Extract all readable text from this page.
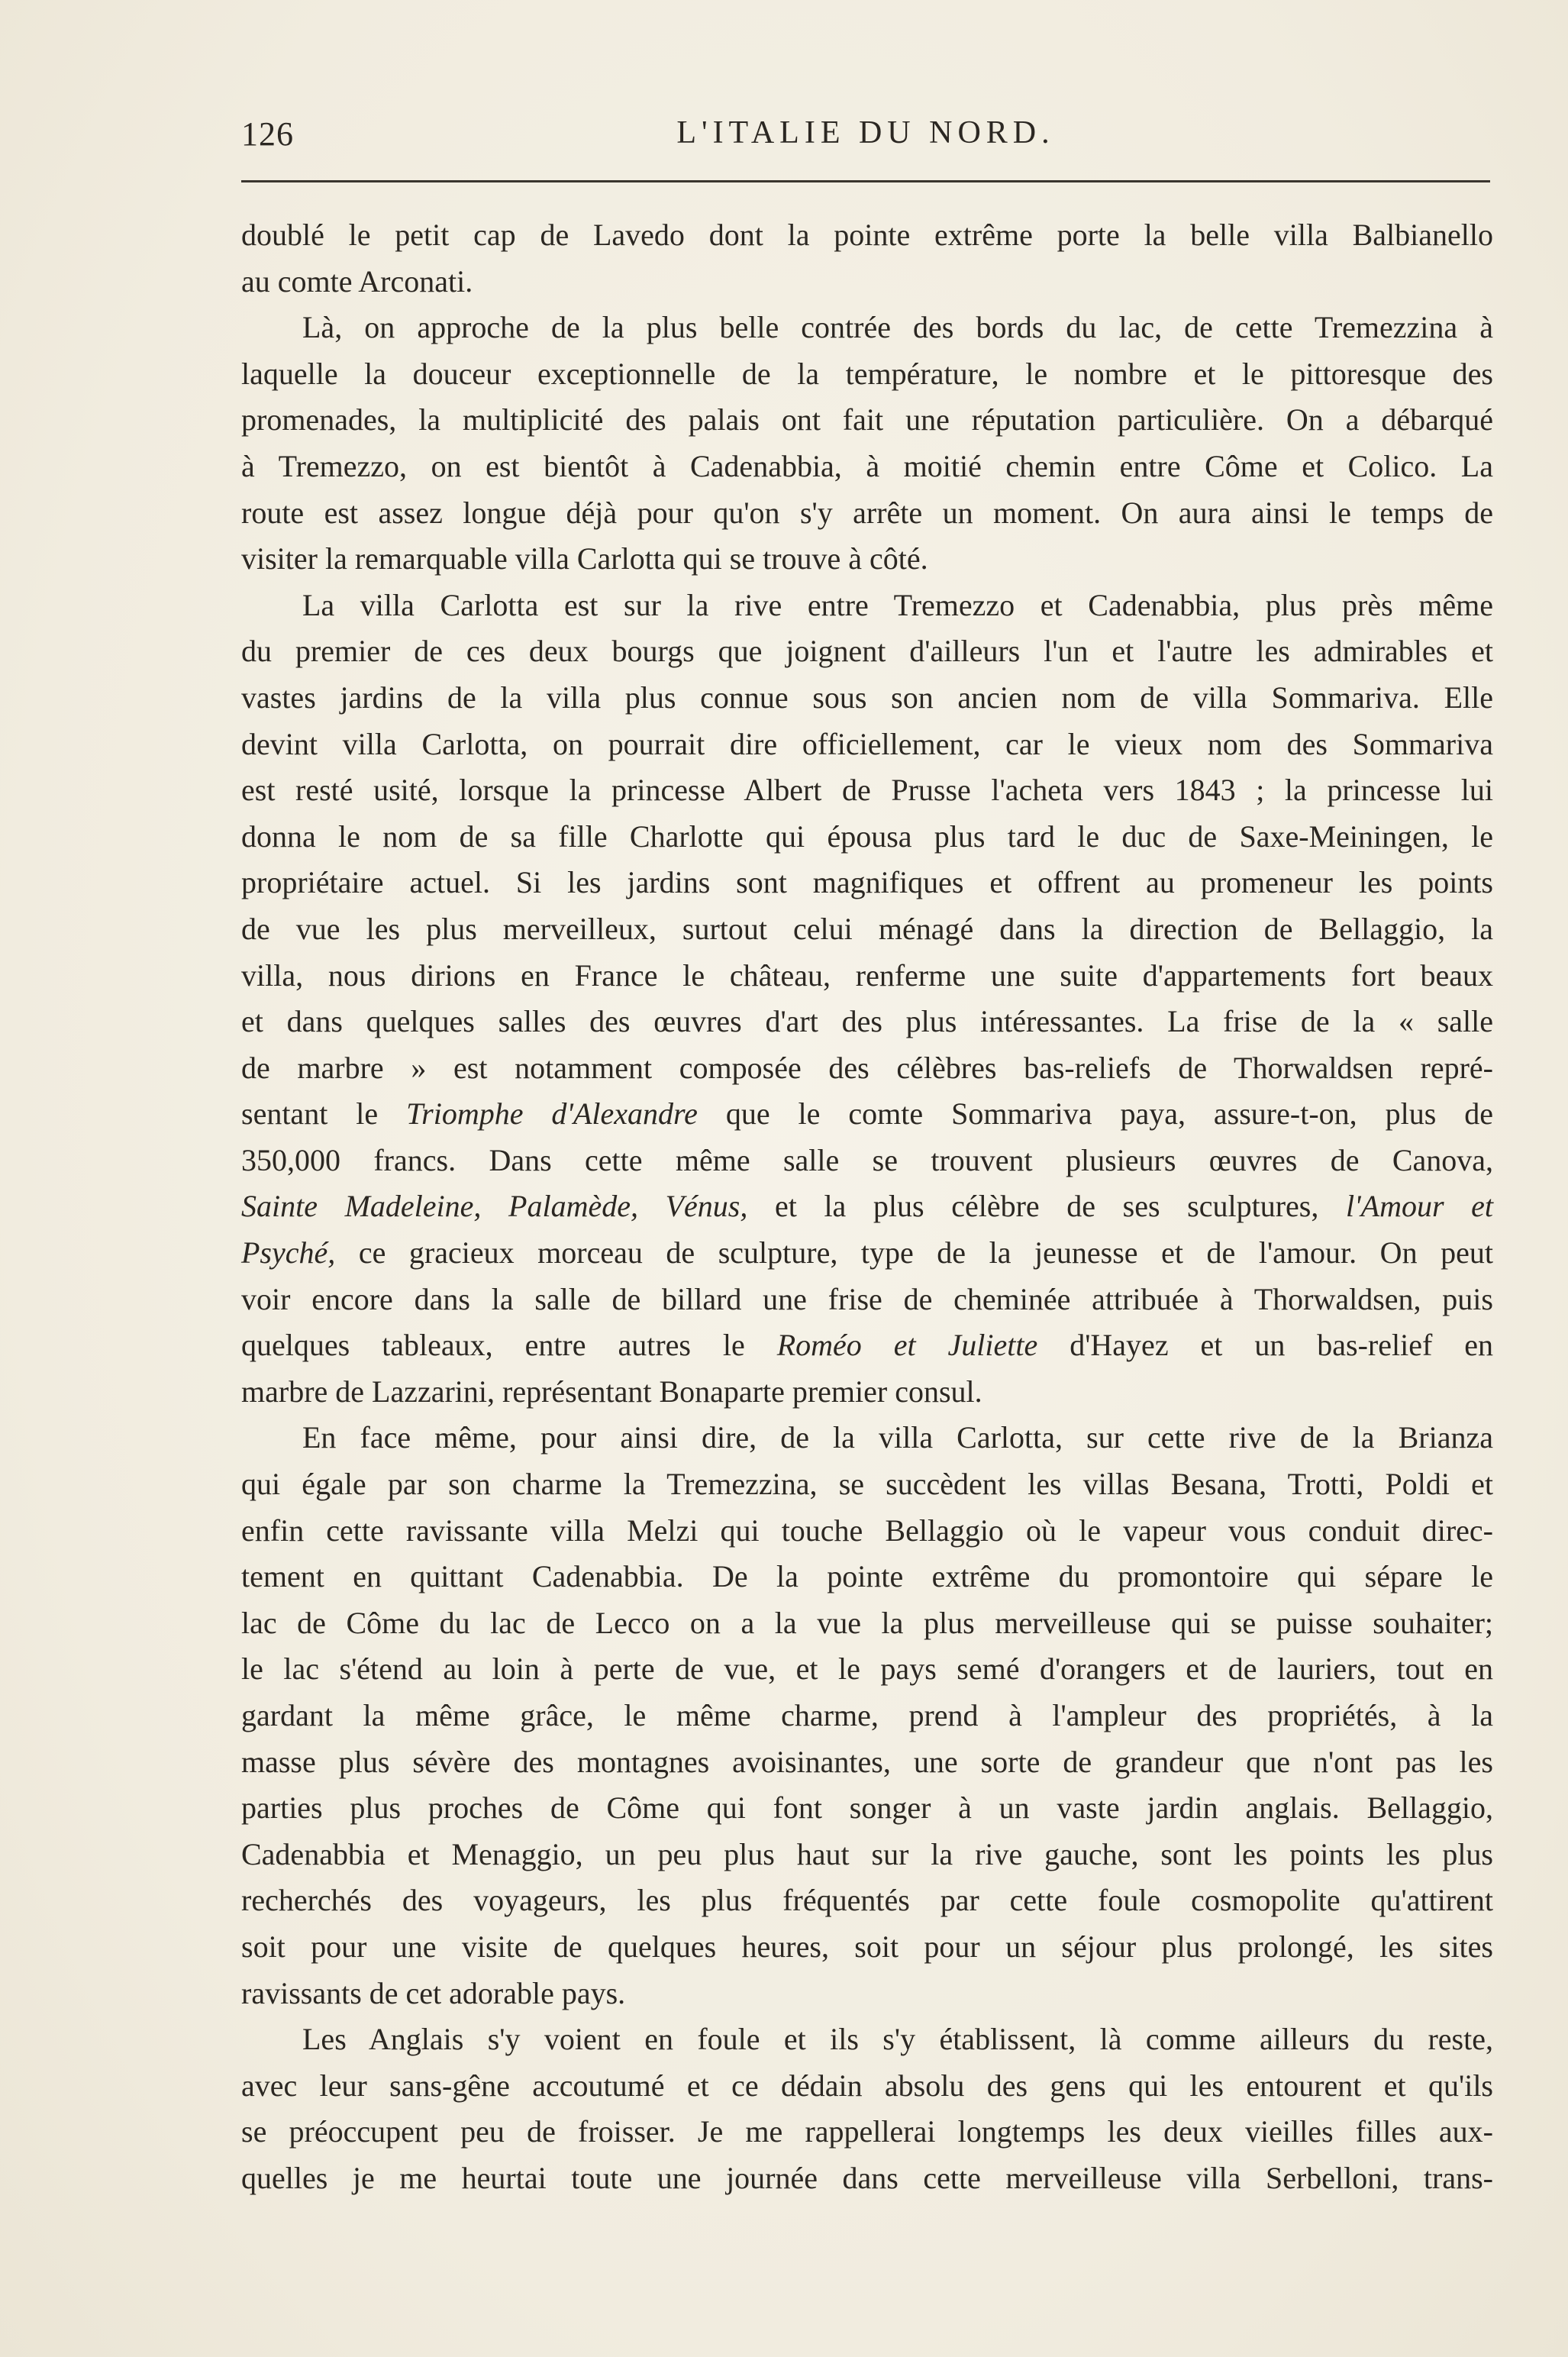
126	L'ITALIE DU NORD.
doublé le petit cap de Lavedo dont la pointe extrême porte la belle villa Balbianello
au comte Arconati.
Là, on approche de la plus belle contrée des bords du lac, de cette Tremezzina à
laquelle la douceur exceptionnelle de la température, le nombre et le pittoresque des
promenades, la multiplicité des palais ont fait une réputation particulière. On a débarqué
à Tremezzo, on est bientôt à Cadenabbia, à moitié chemin entre Côme et Colico. La
route est assez longue déjà pour qu'on s'y arrête un moment. On aura ainsi le temps de
visiter la remarquable villa Carlotta qui se trouve à côté.
La villa Carlotta est sur la rive entre Tremezzo et Cadenabbia, plus près même
du premier de ces deux bourgs que joignent d'ailleurs l'un et l'autre les admirables et
vastes jardins de la villa plus connue sous son ancien nom de villa Sommariva. Elle
devint villa Carlotta, on pourrait dire officiellement, car le vieux nom des Sommariva
est resté usité, lorsque la princesse Albert de Prusse l'acheta vers 1843 ; la princesse lui
donna le nom de sa fille Charlotte qui épousa plus tard le duc de Saxe-Meiningen, le
propriétaire actuel. Si les jardins sont magnifiques et offrent au promeneur les points
de vue les plus merveilleux, surtout celui ménagé dans la direction de Bellaggio, la
villa, nous dirions en France le château, renferme une suite d'appartements fort beaux
et dans quelques salles des œuvres d'art des plus intéressantes. La frise de la « salle
de marbre » est notamment composée des célèbres bas-reliefs de Thorwaldsen repré-
sentant le Triomphe d'Alexandre que le comte Sommariva paya, assure-t-on, plus de
350,000 francs. Dans cette même salle se trouvent plusieurs œuvres de Canova,
Sainte Madeleine, Palamède, Vénus, et la plus célèbre de ses sculptures, l'Amour et
Psyché, ce gracieux morceau de sculpture, type de la jeunesse et de l'amour. On peut
voir encore dans la salle de billard une frise de cheminée attribuée à Thorwaldsen, puis
quelques tableaux, entre autres le Roméo et Juliette d'Hayez et un bas-relief en
marbre de Lazzarini, représentant Bonaparte premier consul.
En face même, pour ainsi dire, de la villa Carlotta, sur cette rive de la Brianza
qui égale par son charme la Tremezzina, se succèdent les villas Besana, Trotti, Poldi et
enfin cette ravissante villa Melzi qui touche Bellaggio où le vapeur vous conduit direc-
tement en quittant Cadenabbia. De la pointe extrême du promontoire qui sépare le
lac de Côme du lac de Lecco on a la vue la plus merveilleuse qui se puisse souhaiter;
le lac s'étend au loin à perte de vue, et le pays semé d'orangers et de lauriers, tout en
gardant la même grâce, le même charme, prend à l'ampleur des propriétés, à la
masse plus sévère des montagnes avoisinantes, une sorte de grandeur que n'ont pas les
parties plus proches de Côme qui font songer à un vaste jardin anglais. Bellaggio,
Cadenabbia et Menaggio, un peu plus haut sur la rive gauche, sont les points les plus
recherchés des voyageurs, les plus fréquentés par cette foule cosmopolite qu'attirent
soit pour une visite de quelques heures, soit pour un séjour plus prolongé, les sites
ravissants de cet adorable pays.
Les Anglais s'y voient en foule et ils s'y établissent, là comme ailleurs du reste,
avec leur sans-gêne accoutumé et ce dédain absolu des gens qui les entourent et qu'ils
se préoccupent peu de froisser. Je me rappellerai longtemps les deux vieilles filles aux-
quelles je me heurtai toute une journée dans cette merveilleuse villa Serbelloni, trans-
